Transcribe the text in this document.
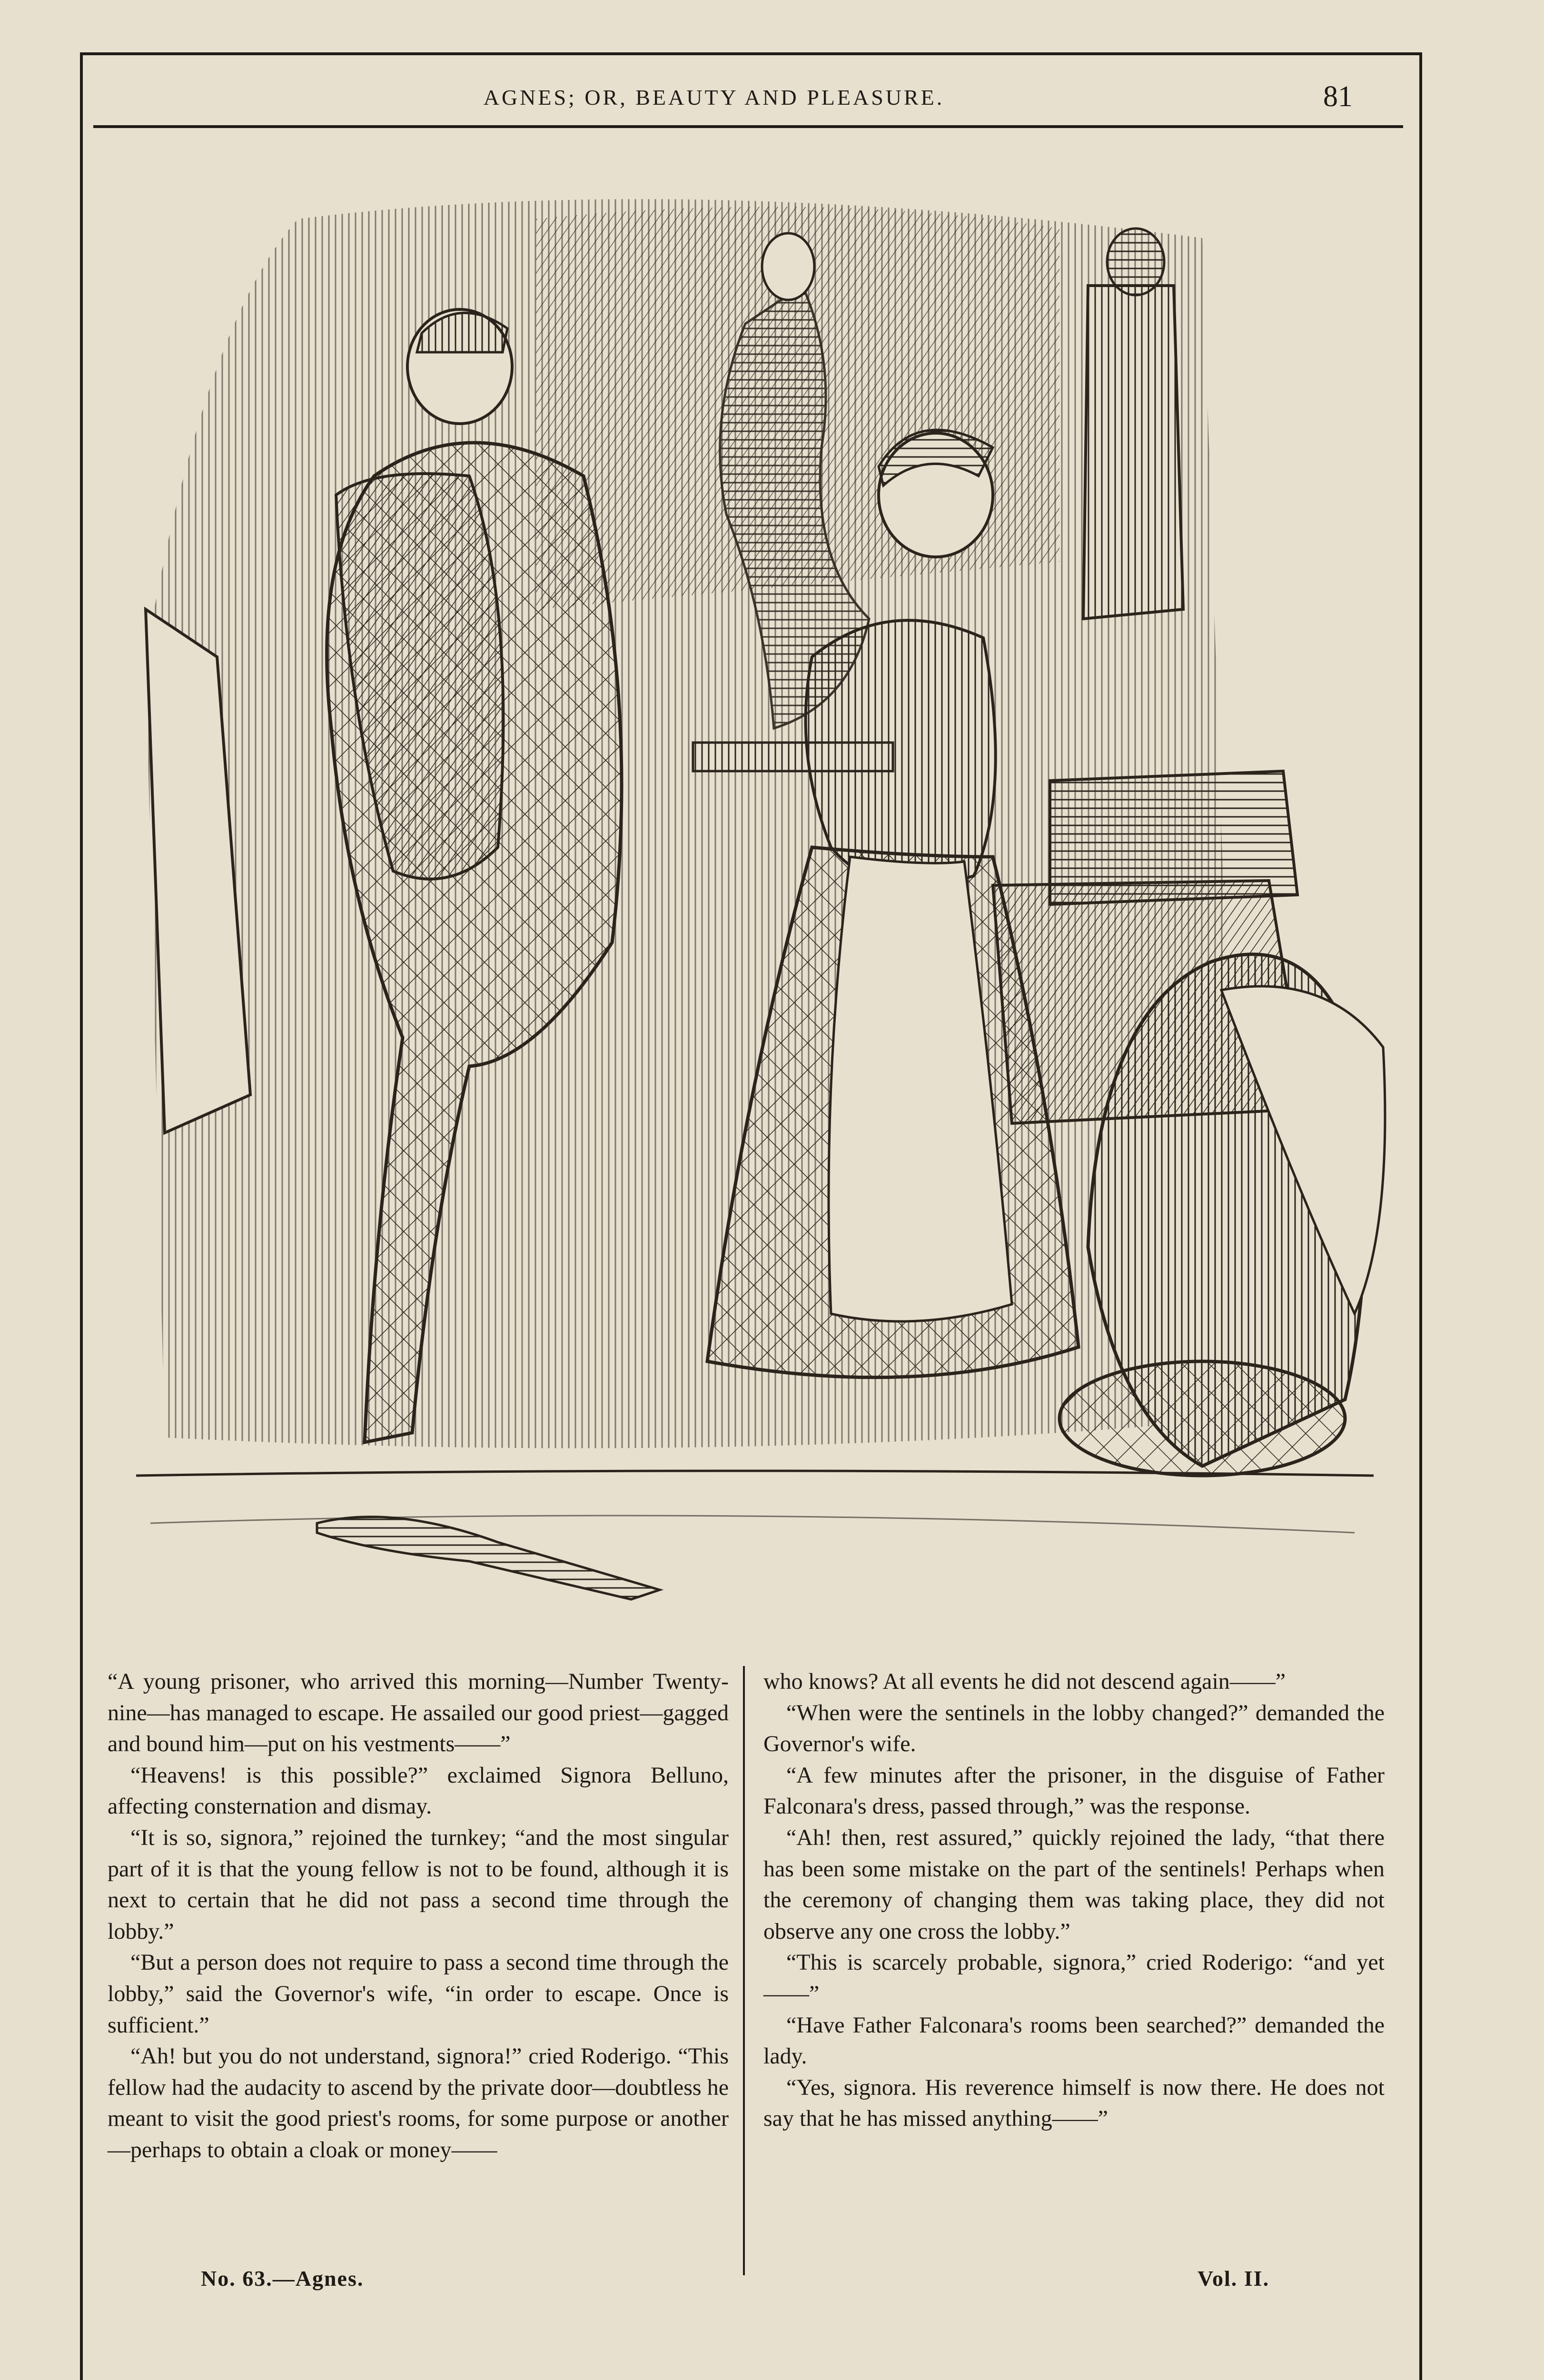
AGNES; OR, BEAUTY AND PLEASURE.	81

“A young prisoner, who arrived this morning—Number Twenty-nine—has managed to escape. He assailed our good priest—gagged and bound him—put on his vestments——”

“Heavens! is this possible?” exclaimed Signora Belluno, affecting consternation and dismay.

“It is so, signora,” rejoined the turnkey; “and the most singular part of it is that the young fellow is not to be found, although it is next to certain that he did not pass a second time through the lobby.”

“But a person does not require to pass a second time through the lobby,” said the Governor's wife, “in order to escape. Once is sufficient.”

“Ah! but you do not understand, signora!” cried Roderigo. “This fellow had the audacity to ascend by the private door—doubtless he meant to visit the good priest's rooms, for some purpose or another—perhaps to obtain a cloak or money——

who knows? At all events he did not descend again——”

“When were the sentinels in the lobby changed?” demanded the Governor's wife.

“A few minutes after the prisoner, in the disguise of Father Falconara's dress, passed through,” was the response.

“Ah! then, rest assured,” quickly rejoined the lady, “that there has been some mistake on the part of the sentinels! Perhaps when the ceremony of changing them was taking place, they did not observe any one cross the lobby.”

“This is scarcely probable, signora,” cried Roderigo: “and yet——”

“Have Father Falconara's rooms been searched?” demanded the lady.

“Yes, signora. His reverence himself is now there. He does not say that he has missed anything——”

No. 63.—Agnes.	Vol. II.
